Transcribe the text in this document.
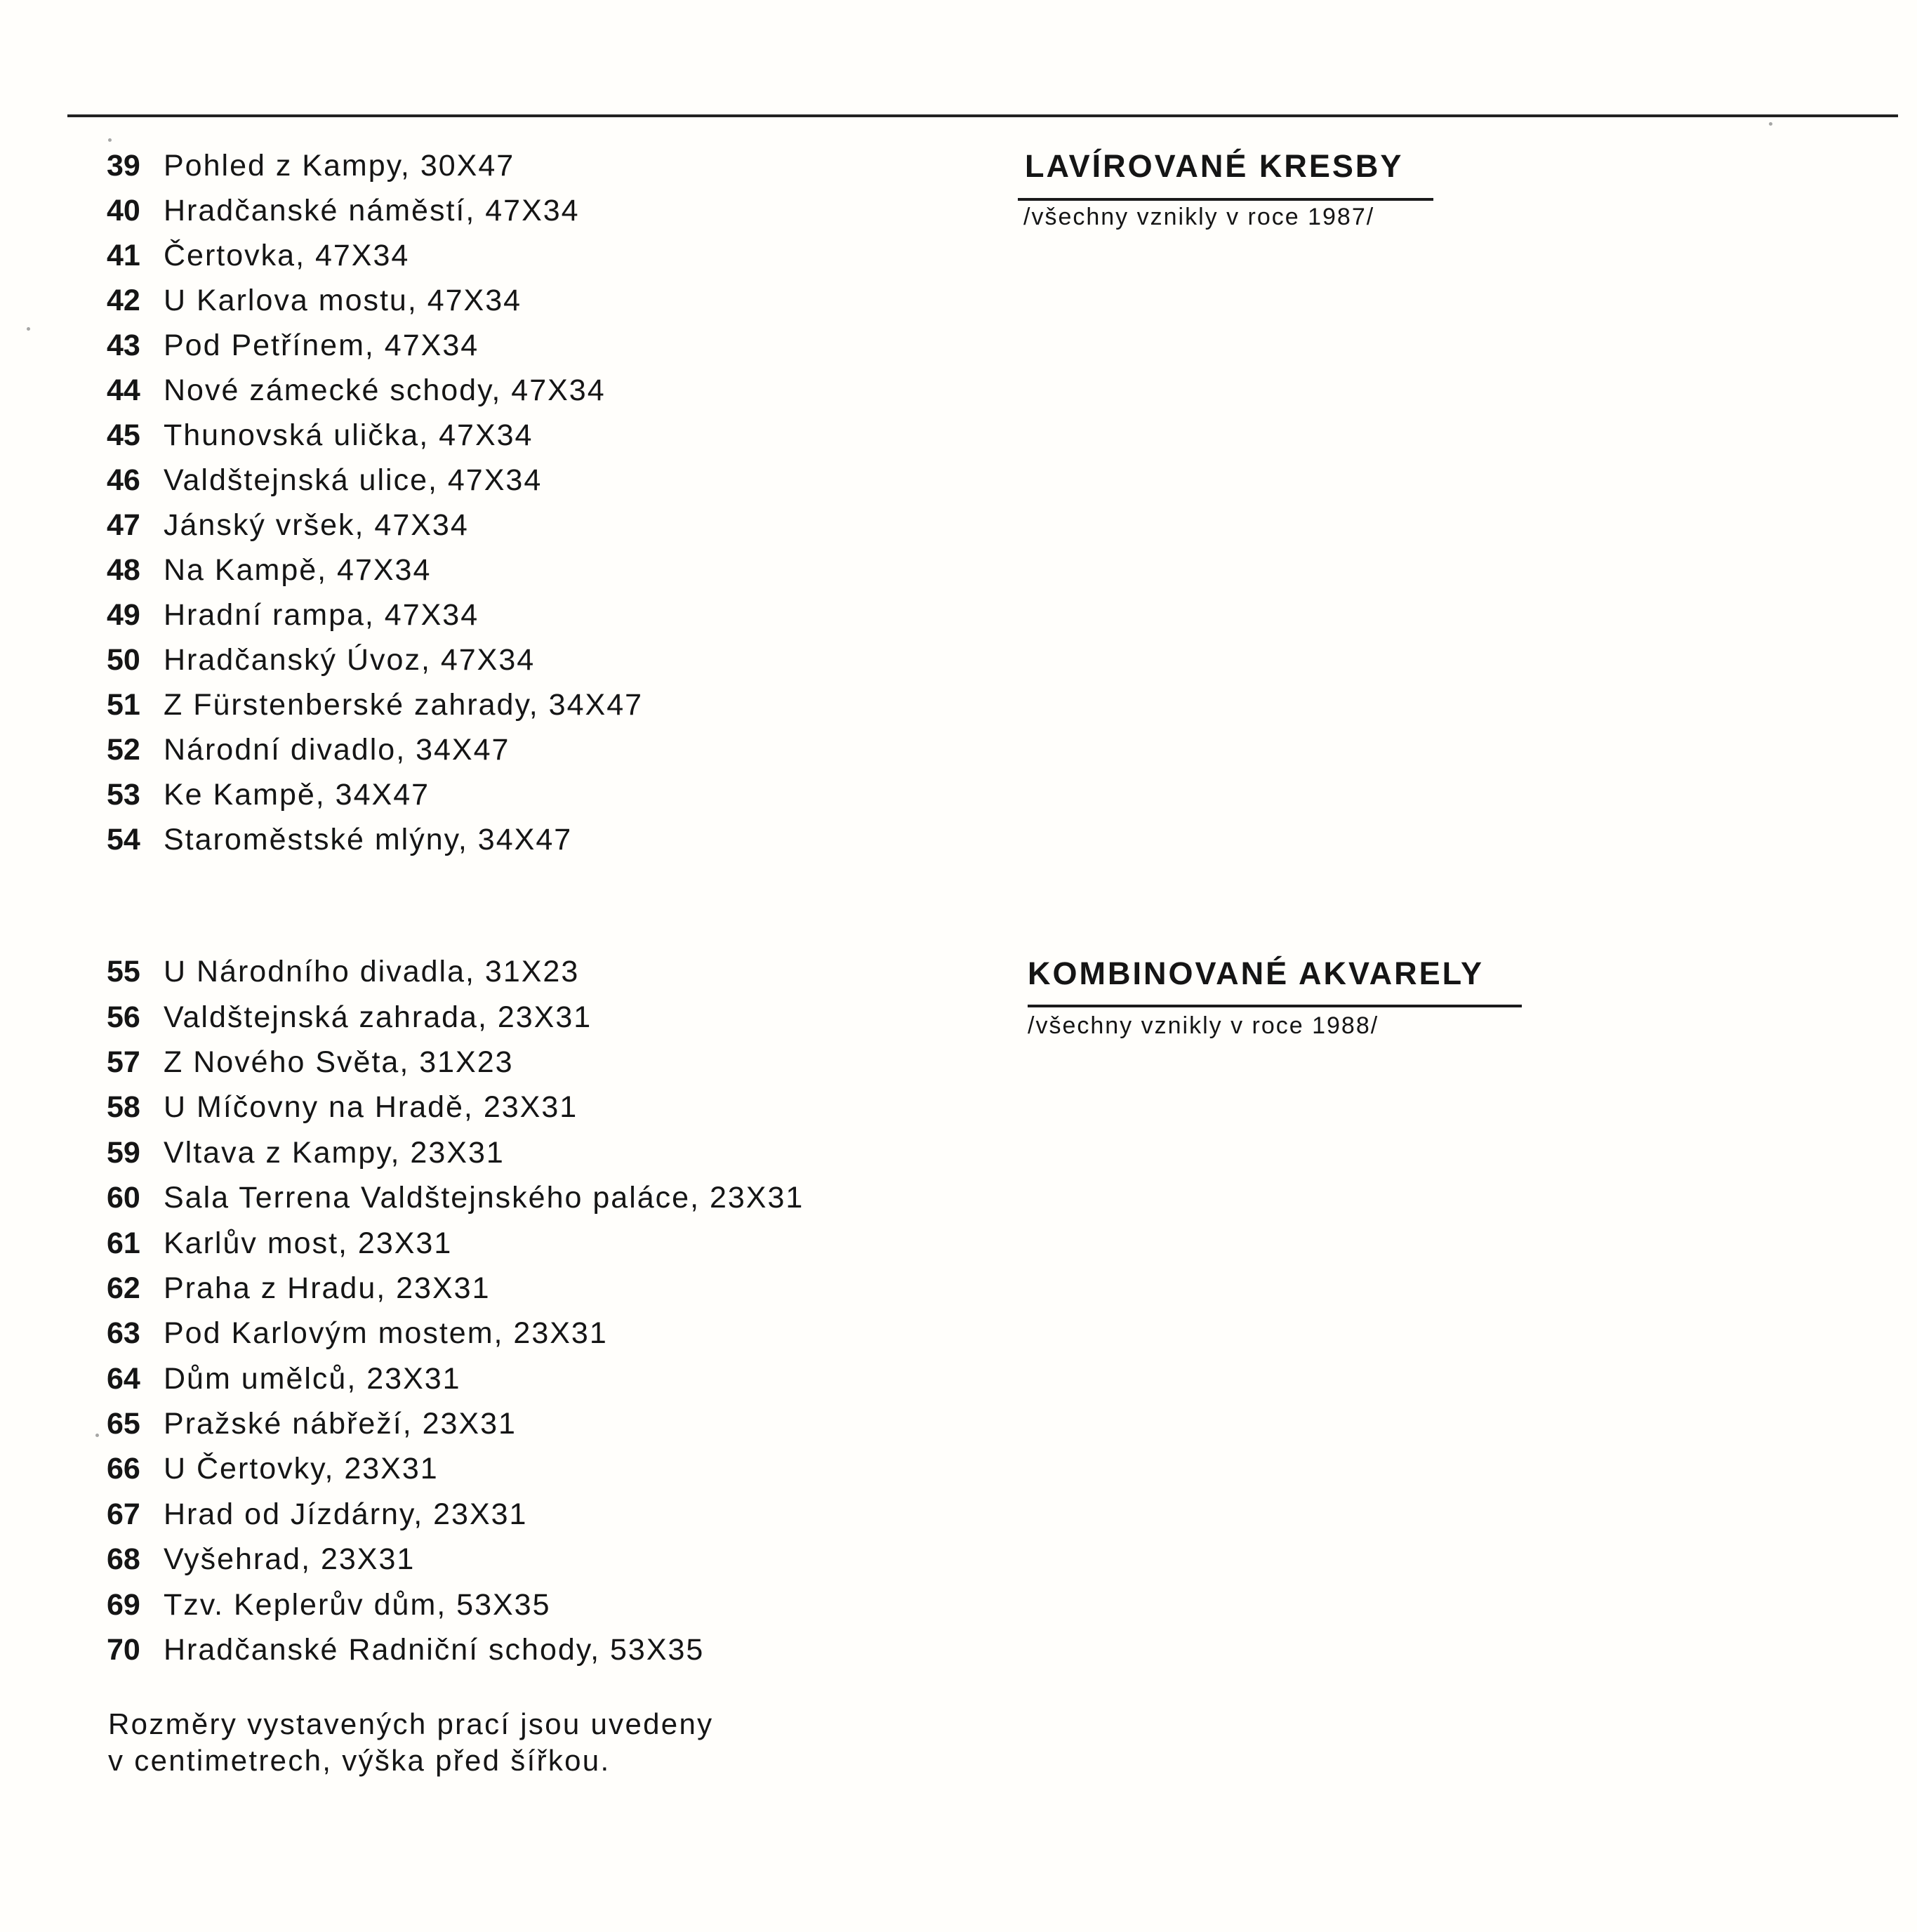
39 Pohled z Kampy, 30X47
40 Hradčanské náměstí, 47X34
41 Čertovka, 47X34
42 U Karlova mostu, 47X34
43 Pod Petřínem, 47X34
44 Nové zámecké schody, 47X34
45 Thunovská ulička, 47X34
46 Valdštejnská ulice, 47X34
47 Jánský vršek, 47X34
48 Na Kampě, 47X34
49 Hradní rampa, 47X34
50 Hradčanský Úvoz, 47X34
51 Z Fürstenberské zahrady, 34X47
52 Národní divadlo, 34X47
53 Ke Kampě, 34X47
54 Staroměstské mlýny, 34X47
LAVÍROVANÉ KRESBY

/všechny vznikly v roce 1987/

55 U Národního divadla, 31X23
56 Valdštejnská zahrada, 23X31
57 Z Nového Světa, 31X23
58 U Míčovny na Hradě, 23X31
59 Vltava z Kampy, 23X31
60 Sala Terrena Valdštejnského paláce, 23X31
61 Karlův most, 23X31
62 Praha z Hradu, 23X31
63 Pod Karlovým mostem, 23X31
64 Dům umělců, 23X31
65 Pražské nábřeží, 23X31
66 U Čertovky, 23X31
67 Hrad od Jízdárny, 23X31
68 Vyšehrad, 23X31
69 Tzv. Keplerův dům, 53X35
70 Hradčanské Radniční schody, 53X35
KOMBINOVANÉ AKVARELY

/všechny vznikly v roce 1988/

Rozměry vystavených prací jsou uvedeny
v centimetrech, výška před šířkou.
